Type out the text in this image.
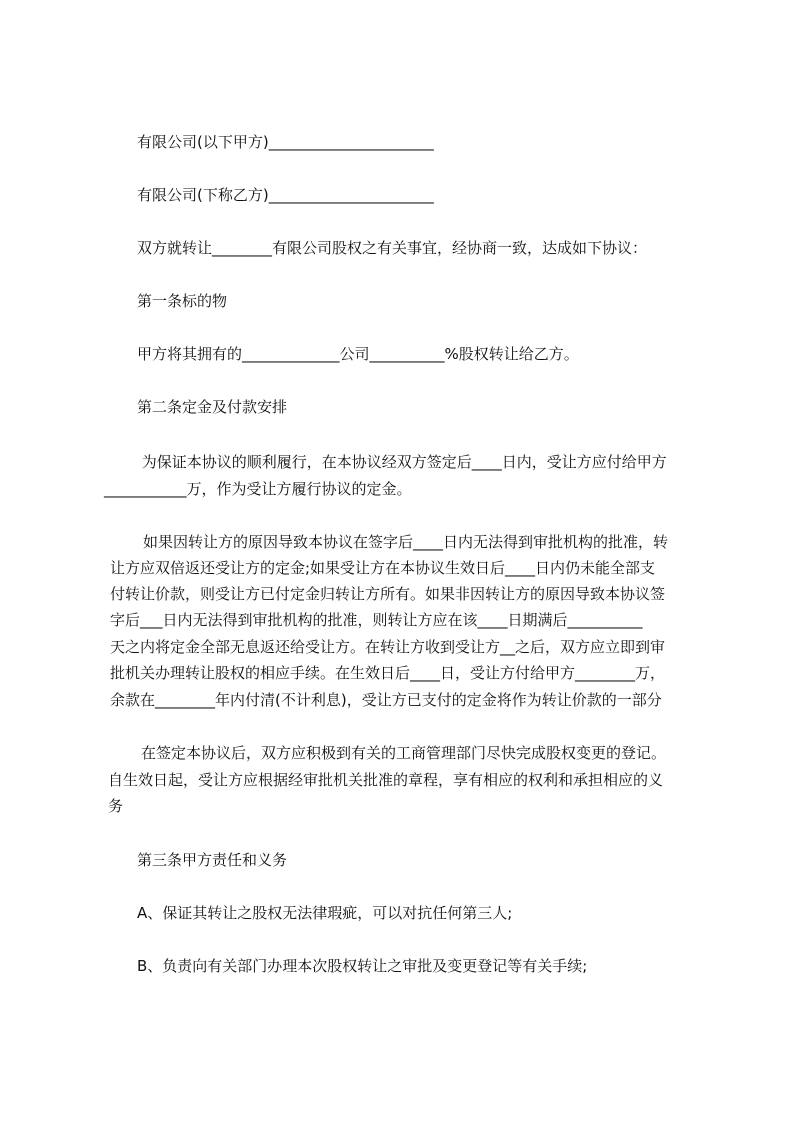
有限公司(以下甲方)______________________
有限公司(下称乙方)______________________
双方就转让________有限公司股权之有关事宜，经协商一致，达成如下协议：
第一条标的物
甲方将其拥有的_____________公司__________%股权转让给乙方。
第二条定金及付款安排
为保证本协议的顺利履行，在本协议经双方签定后____日内，受让方应付给甲方
___________万，作为受让方履行协议的定金。
如果因转让方的原因导致本协议在签字后____日内无法得到审批机构的批准，转
让方应双倍返还受让方的定金;如果受让方在本协议生效日后____日内仍未能全部支
付转让价款，则受让方已付定金归转让方所有。如果非因转让方的原因导致本协议签
字后___日内无法得到审批机构的批准，则转让方应在该____日期满后__________
天之内将定金全部无息返还给受让方。在转让方收到受让方__之后，双方应立即到审
批机关办理转让股权的相应手续。在生效日后____日，受让方付给甲方________万，
余款在________年内付清(不计利息)，受让方已支付的定金将作为转让价款的一部分
在签定本协议后，双方应积极到有关的工商管理部门尽快完成股权变更的登记。
自生效日起，受让方应根据经审批机关批准的章程，享有相应的权利和承担相应的义
务
第三条甲方责任和义务
A、保证其转让之股权无法律瑕疵，可以对抗任何第三人;
B、负责向有关部门办理本次股权转让之审批及变更登记等有关手续;
